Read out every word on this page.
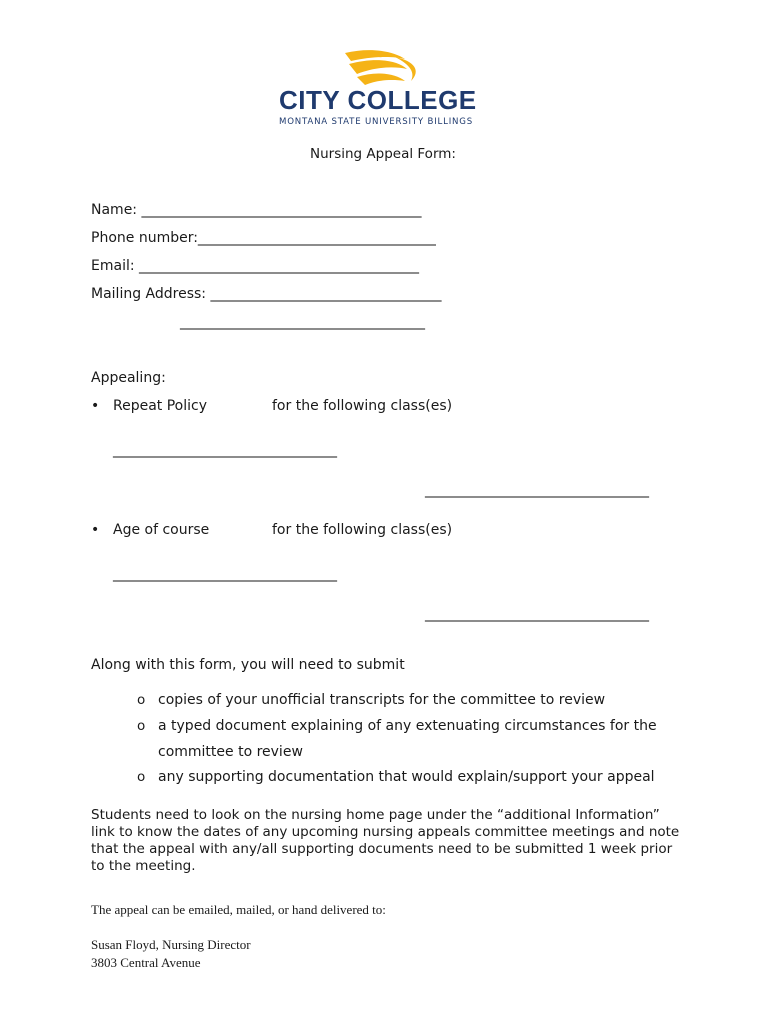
CITY COLLEGE
MONTANA STATE UNIVERSITY BILLINGS
Nursing Appeal Form:
Name: ________________________________________
Phone number:__________________________________
Email: ________________________________________
Mailing Address: _________________________________
___________________________________
Appealing:
• Repeat Policy	for the following class(es)
________________________________
________________________________
• Age of course	for the following class(es)
________________________________
________________________________
Along with this form, you will need to submit
o copies of your unofficial transcripts for the committee to review
o a typed document explaining of any extenuating circumstances for the
committee to review
o any supporting documentation that would explain/support your appeal
Students need to look on the nursing home page under the “additional Information” link to know the dates of any upcoming nursing appeals committee meetings and note that the appeal with any/all supporting documents need to be submitted 1 week prior to the meeting.
The appeal can be emailed, mailed, or hand delivered to:
Susan Floyd, Nursing Director
3803 Central Avenue
